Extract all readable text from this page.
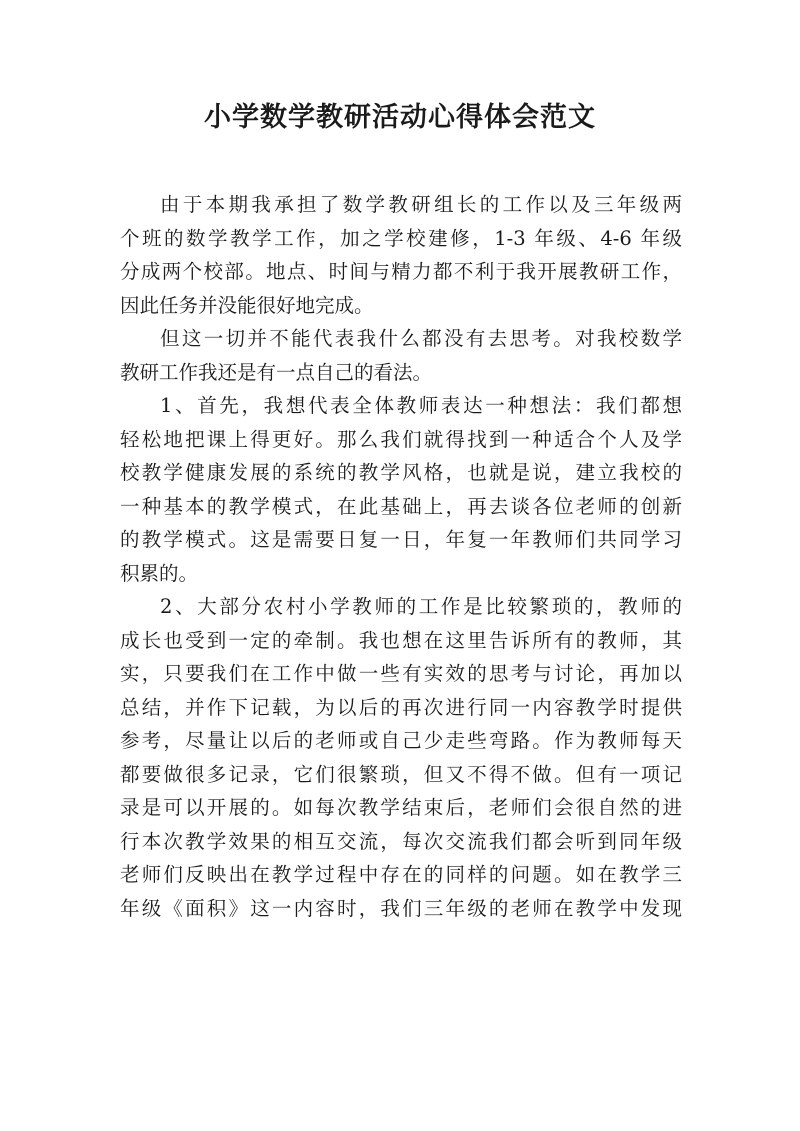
小学数学教研活动心得体会范文
由于本期我承担了数学教研组长的工作以及三年级两
个班的数学教学工作，加之学校建修，1-3 年级、4-6 年级
分成两个校部。地点、时间与精力都不利于我开展教研工作，
因此任务并没能很好地完成。
但这一切并不能代表我什么都没有去思考。对我校数学
教研工作我还是有一点自己的看法。
1、首先，我想代表全体教师表达一种想法：我们都想
轻松地把课上得更好。那么我们就得找到一种适合个人及学
校教学健康发展的系统的教学风格，也就是说，建立我校的
一种基本的教学模式，在此基础上，再去谈各位老师的创新
的教学模式。这是需要日复一日，年复一年教师们共同学习
积累的。
2、大部分农村小学教师的工作是比较繁琐的，教师的
成长也受到一定的牵制。我也想在这里告诉所有的教师，其
实，只要我们在工作中做一些有实效的思考与讨论，再加以
总结，并作下记载，为以后的再次进行同一内容教学时提供
参考，尽量让以后的老师或自己少走些弯路。作为教师每天
都要做很多记录，它们很繁琐，但又不得不做。但有一项记
录是可以开展的。如每次教学结束后，老师们会很自然的进
行本次教学效果的相互交流，每次交流我们都会听到同年级
老师们反映出在教学过程中存在的同样的问题。如在教学三
年级《面积》这一内容时，我们三年级的老师在教学中发现
